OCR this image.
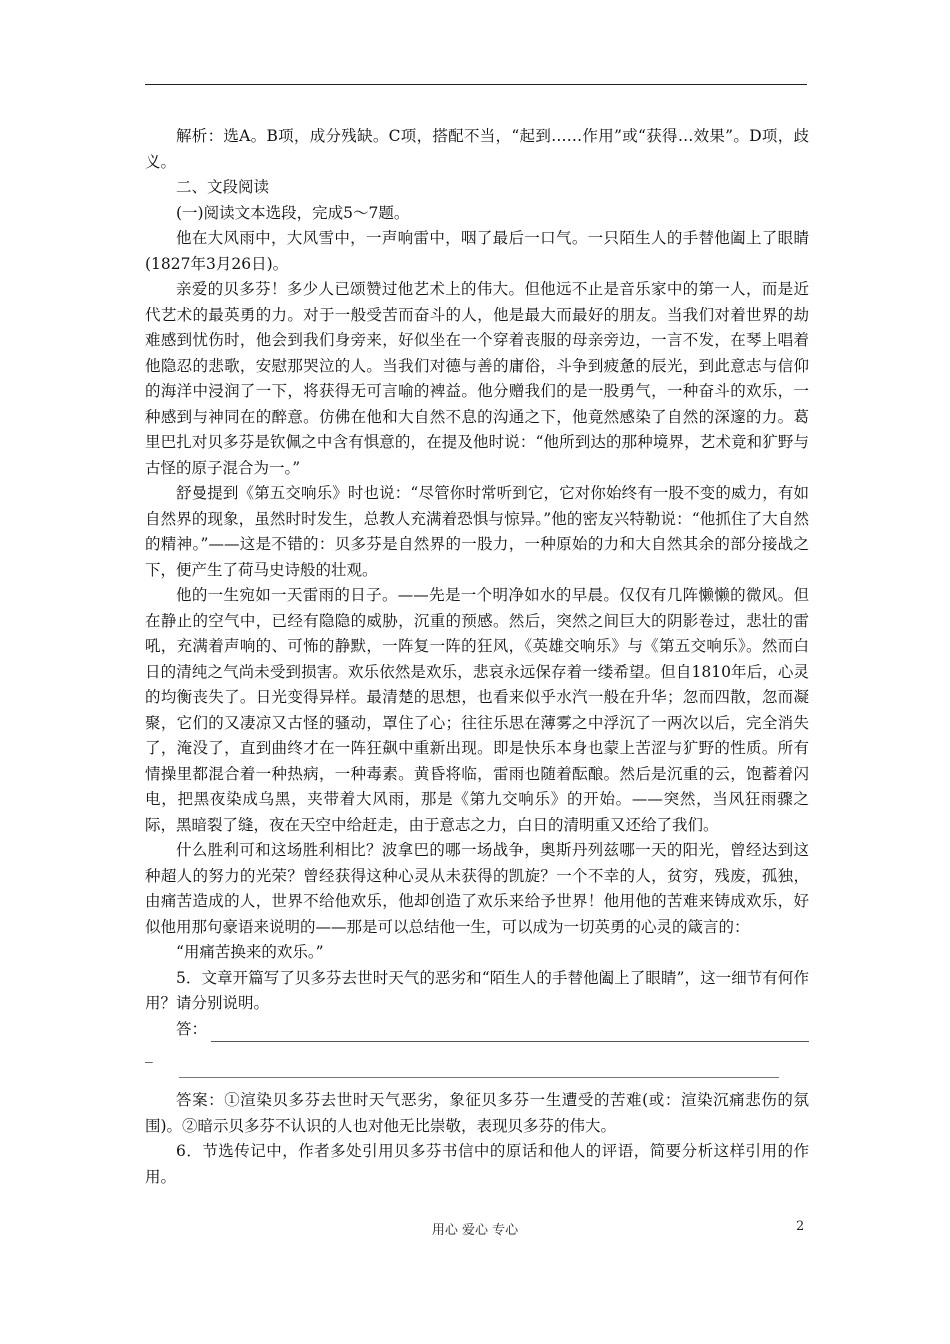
解析：选A。B项，成分残缺。C项，搭配不当，“起到……作用”或“获得…效果”。D项，歧义。

二、文段阅读

(一)阅读文本选段，完成5～7题。

他在大风雨中，大风雪中，一声响雷中，咽了最后一口气。一只陌生人的手替他阖上了眼睛(1827年3月26日)。

亲爱的贝多芬！多少人已颂赞过他艺术上的伟大。但他远不止是音乐家中的第一人，而是近代艺术的最英勇的力。对于一般受苦而奋斗的人，他是最大而最好的朋友。当我们对着世界的劫难感到忧伤时，他会到我们身旁来，好似坐在一个穿着丧服的母亲旁边，一言不发，在琴上唱着他隐忍的悲歌，安慰那哭泣的人。当我们对德与善的庸俗，斗争到疲惫的辰光，到此意志与信仰的海洋中浸润了一下，将获得无可言喻的裨益。他分赠我们的是一股勇气，一种奋斗的欢乐，一种感到与神同在的醉意。仿佛在他和大自然不息的沟通之下，他竟然感染了自然的深邃的力。葛里巴扎对贝多芬是钦佩之中含有惧意的，在提及他时说：“他所到达的那种境界，艺术竟和犷野与古怪的原子混合为一。”

舒曼提到《第五交响乐》时也说：“尽管你时常听到它，它对你始终有一股不变的威力，有如自然界的现象，虽然时时发生，总教人充满着恐惧与惊异。”他的密友兴特勒说：“他抓住了大自然的精神。”——这是不错的：贝多芬是自然界的一股力，一种原始的力和大自然其余的部分接战之下，便产生了荷马史诗般的壮观。

他的一生宛如一天雷雨的日子。——先是一个明净如水的早晨。仅仅有几阵懒懒的微风。但在静止的空气中，已经有隐隐的威胁，沉重的预感。然后，突然之间巨大的阴影卷过，悲壮的雷吼，充满着声响的、可怖的静默，一阵复一阵的狂风，《英雄交响乐》与《第五交响乐》。然而白日的清纯之气尚未受到损害。欢乐依然是欢乐，悲哀永远保存着一缕希望。但自1810年后，心灵的均衡丧失了。日光变得异样。最清楚的思想，也看来似乎水汽一般在升华；忽而四散，忽而凝聚，它们的又凄凉又古怪的骚动，罩住了心；往往乐思在薄雾之中浮沉了一两次以后，完全消失了，淹没了，直到曲终才在一阵狂飙中重新出现。即是快乐本身也蒙上苦涩与犷野的性质。所有情操里都混合着一种热病，一种毒素。黄昏将临，雷雨也随着酝酿。然后是沉重的云，饱蓄着闪电，把黑夜染成乌黑，夹带着大风雨，那是《第九交响乐》的开始。——突然，当风狂雨骤之际，黑暗裂了缝，夜在天空中给赶走，由于意志之力，白日的清明重又还给了我们。

什么胜利可和这场胜利相比？波拿巴的哪一场战争，奥斯丹列兹哪一天的阳光，曾经达到这种超人的努力的光荣？曾经获得这种心灵从未获得的凯旋？一个不幸的人，贫穷，残废，孤独，由痛苦造成的人，世界不给他欢乐，他却创造了欢乐来给予世界！他用他的苦难来铸成欢乐，好似他用那句豪语来说明的——那是可以总结他一生，可以成为一切英勇的心灵的箴言的：

“用痛苦换来的欢乐。”

5．文章开篇写了贝多芬去世时天气的恶劣和“陌生人的手替他阖上了眼睛”，这一细节有何作用？请分别说明。

答：
_

答案：①渲染贝多芬去世时天气恶劣，象征贝多芬一生遭受的苦难(或：渲染沉痛悲伤的氛围)。②暗示贝多芬不认识的人也对他无比崇敬，表现贝多芬的伟大。

6．节选传记中，作者多处引用贝多芬书信中的原话和他人的评语，简要分析这样引用的作用。

用心 爱心 专心	2
